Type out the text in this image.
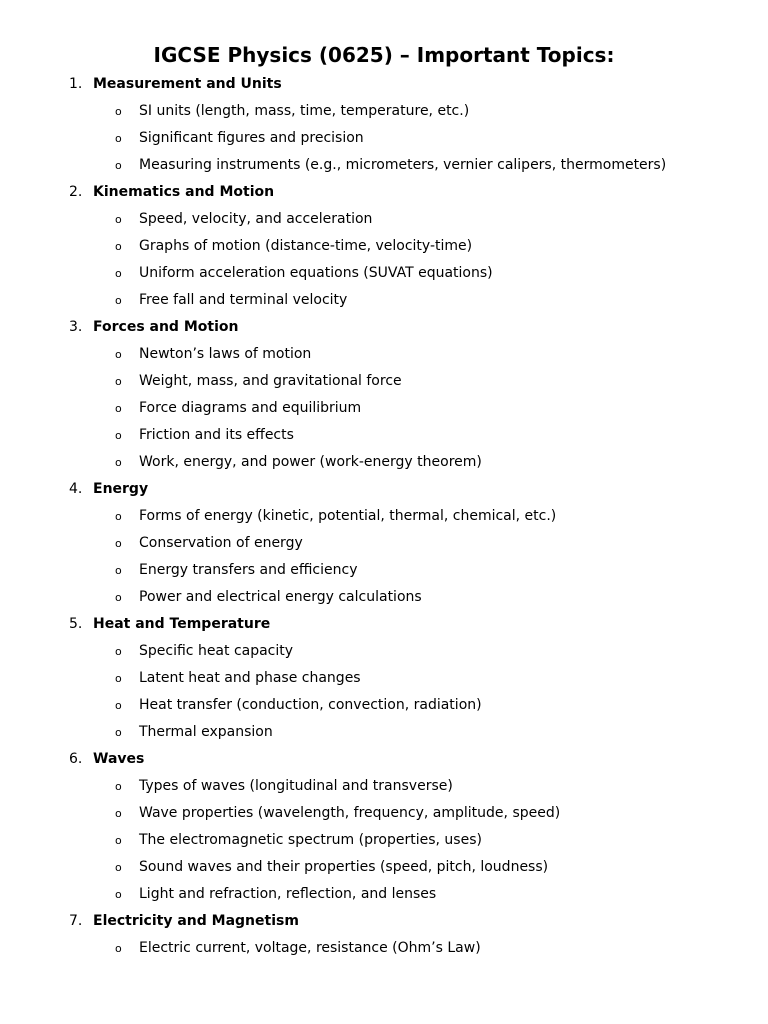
IGCSE Physics (0625) – Important Topics:
1. Measurement and Units
o SI units (length, mass, time, temperature, etc.)
o Significant figures and precision
o Measuring instruments (e.g., micrometers, vernier calipers, thermometers)
2. Kinematics and Motion
o Speed, velocity, and acceleration
o Graphs of motion (distance-time, velocity-time)
o Uniform acceleration equations (SUVAT equations)
o Free fall and terminal velocity
3. Forces and Motion
o Newton’s laws of motion
o Weight, mass, and gravitational force
o Force diagrams and equilibrium
o Friction and its effects
o Work, energy, and power (work-energy theorem)
4. Energy
o Forms of energy (kinetic, potential, thermal, chemical, etc.)
o Conservation of energy
o Energy transfers and efficiency
o Power and electrical energy calculations
5. Heat and Temperature
o Specific heat capacity
o Latent heat and phase changes
o Heat transfer (conduction, convection, radiation)
o Thermal expansion
6. Waves
o Types of waves (longitudinal and transverse)
o Wave properties (wavelength, frequency, amplitude, speed)
o The electromagnetic spectrum (properties, uses)
o Sound waves and their properties (speed, pitch, loudness)
o Light and refraction, reflection, and lenses
7. Electricity and Magnetism
o Electric current, voltage, resistance (Ohm’s Law)
